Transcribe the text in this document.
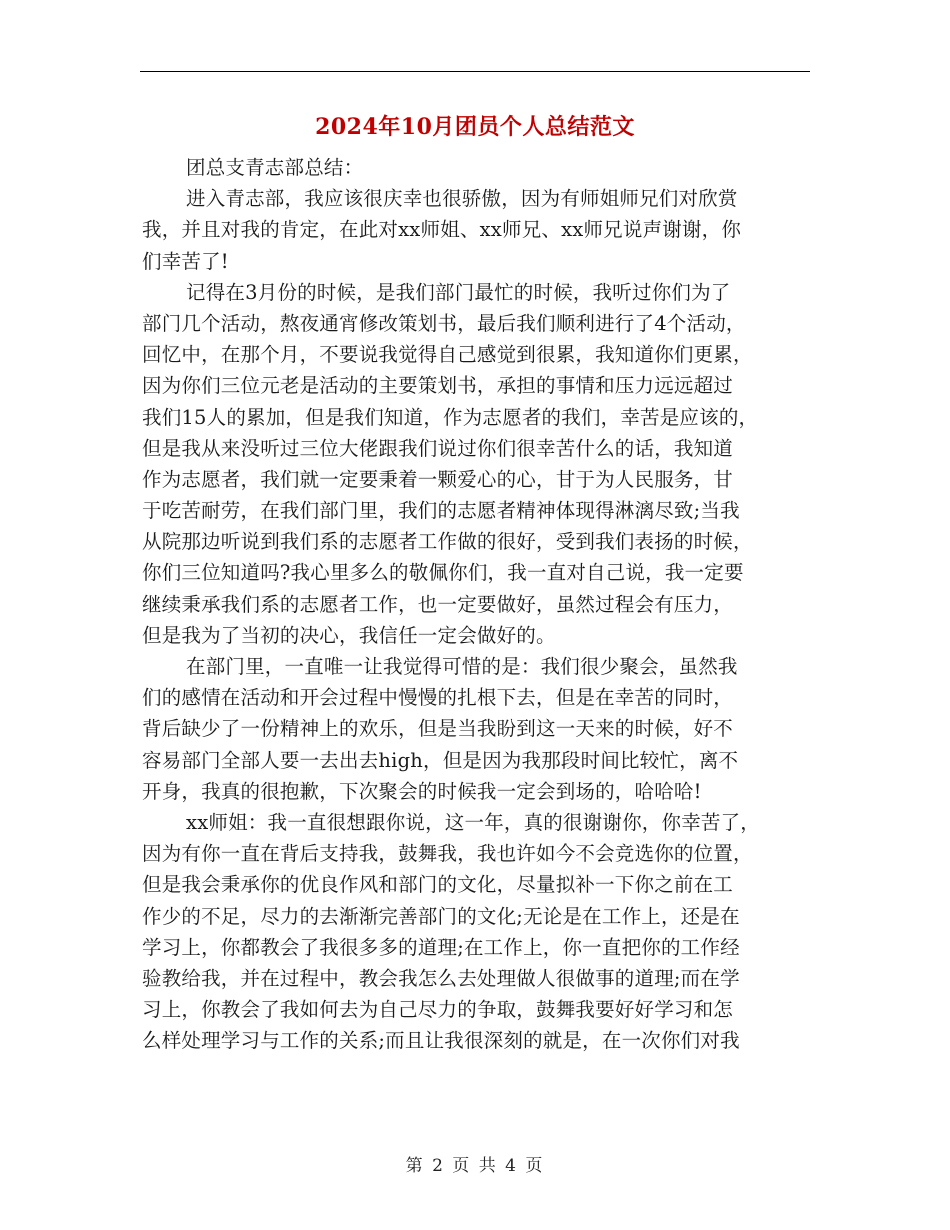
2024年10月团员个人总结范文
团总支青志部总结：
进入青志部，我应该很庆幸也很骄傲，因为有师姐师兄们对欣赏
我，并且对我的肯定，在此对xx师姐、xx师兄、xx师兄说声谢谢，你
们幸苦了!
记得在3月份的时候，是我们部门最忙的时候，我听过你们为了
部门几个活动，熬夜通宵修改策划书，最后我们顺利进行了4个活动，
回忆中，在那个月，不要说我觉得自己感觉到很累，我知道你们更累，
因为你们三位元老是活动的主要策划书，承担的事情和压力远远超过
我们15人的累加，但是我们知道，作为志愿者的我们，幸苦是应该的，
但是我从来没听过三位大佬跟我们说过你们很幸苦什么的话，我知道
作为志愿者，我们就一定要秉着一颗爱心的心，甘于为人民服务，甘
于吃苦耐劳，在我们部门里，我们的志愿者精神体现得淋漓尽致;当我
从院那边听说到我们系的志愿者工作做的很好，受到我们表扬的时候，
你们三位知道吗?我心里多么的敬佩你们，我一直对自己说，我一定要
继续秉承我们系的志愿者工作，也一定要做好，虽然过程会有压力，
但是我为了当初的决心，我信任一定会做好的。
在部门里，一直唯一让我觉得可惜的是：我们很少聚会，虽然我
们的感情在活动和开会过程中慢慢的扎根下去，但是在幸苦的同时，
背后缺少了一份精神上的欢乐，但是当我盼到这一天来的时候，好不
容易部门全部人要一去出去high，但是因为我那段时间比较忙，离不
开身，我真的很抱歉，下次聚会的时候我一定会到场的，哈哈哈!
xx师姐：我一直很想跟你说，这一年，真的很谢谢你，你幸苦了，
因为有你一直在背后支持我，鼓舞我，我也许如今不会竞选你的位置，
但是我会秉承你的优良作风和部门的文化，尽量拟补一下你之前在工
作少的不足，尽力的去渐渐完善部门的文化;无论是在工作上，还是在
学习上，你都教会了我很多多的道理;在工作上，你一直把你的工作经
验教给我，并在过程中，教会我怎么去处理做人很做事的道理;而在学
习上，你教会了我如何去为自己尽力的争取，鼓舞我要好好学习和怎
么样处理学习与工作的关系;而且让我很深刻的就是，在一次你们对我
第 2 页 共 4 页
